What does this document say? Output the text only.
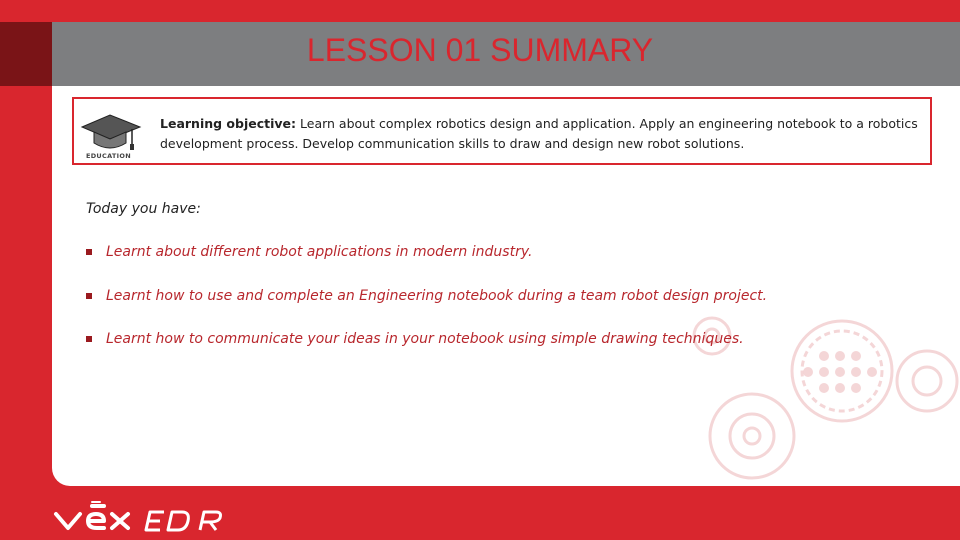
LESSON 01 SUMMARY
EDUCATION
Learning objective: Learn about complex robotics design and application. Apply an engineering notebook to a robotics development process. Develop communication skills to draw and design new robot solutions.
Today you have:
Learnt about different robot applications in modern industry.
Learnt how to use and complete an Engineering notebook during a team robot design project.
Learnt how to communicate your ideas in your notebook using simple drawing techniques.
